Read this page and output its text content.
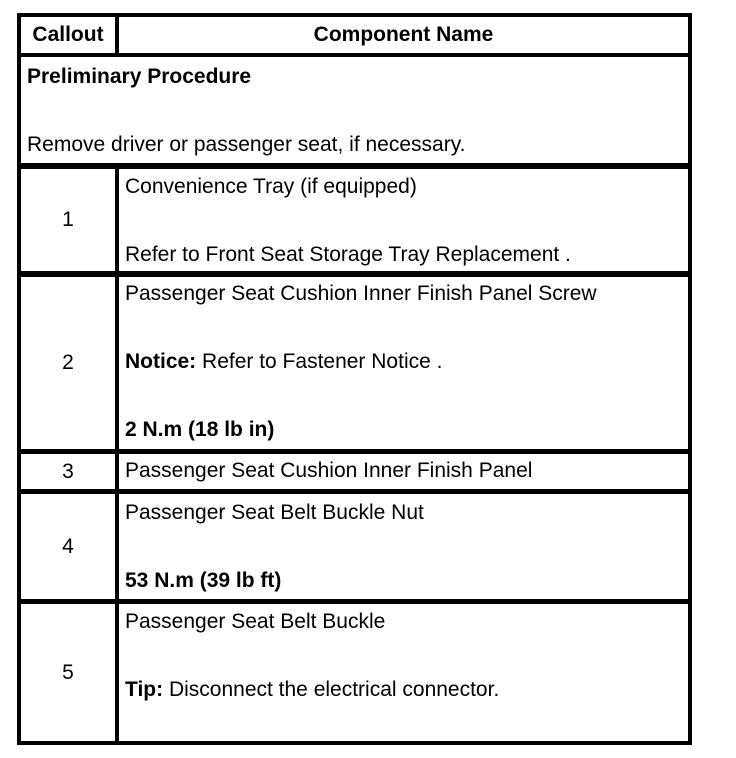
Callout	Component Name
Preliminary Procedure
Remove driver or passenger seat, if necessary.
1
Convenience Tray (if equipped)
Refer to Front Seat Storage Tray Replacement .
2
Passenger Seat Cushion Inner Finish Panel Screw
Notice: Refer to Fastener Notice .
2 N.m (18 lb in)
3	Passenger Seat Cushion Inner Finish Panel
4
Passenger Seat Belt Buckle Nut
53 N.m (39 lb ft)
5
Passenger Seat Belt Buckle
Tip: Disconnect the electrical connector.
